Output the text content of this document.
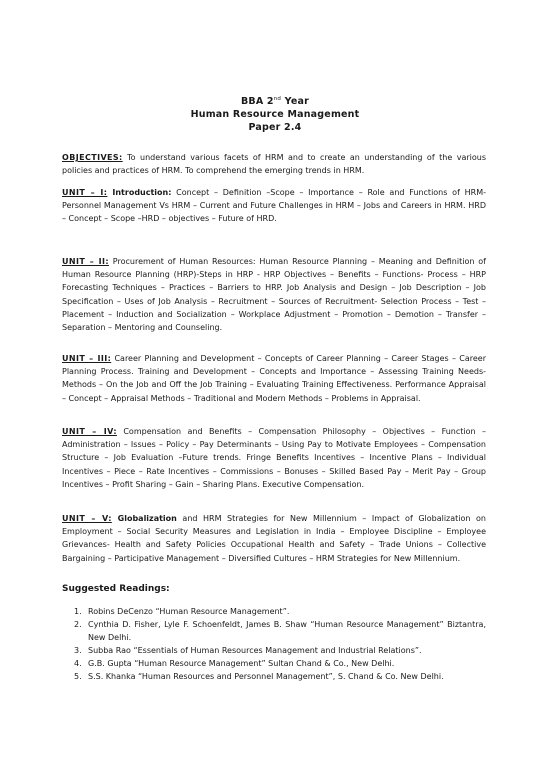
BBA 2nd Year
Human Resource Management
Paper 2.4

OBJECTIVES: To understand various facets of HRM and to create an understanding of the various policies and practices of HRM. To comprehend the emerging trends in HRM.

UNIT – I: Introduction: Concept – Definition –Scope – Importance – Role and Functions of HRM-Personnel Management Vs HRM – Current and Future Challenges in HRM – Jobs and Careers in HRM. HRD – Concept – Scope –HRD – objectives – Future of HRD.

UNIT – II: Procurement of Human Resources: Human Resource Planning – Meaning and Definition of Human Resource Planning (HRP)-Steps in HRP - HRP Objectives – Benefits – Functions- Process – HRP Forecasting Techniques – Practices – Barriers to HRP. Job Analysis and Design – Job Description – Job Specification – Uses of Job Analysis – Recruitment – Sources of Recruitment- Selection Process – Test – Placement – Induction and Socialization – Workplace Adjustment – Promotion – Demotion – Transfer – Separation – Mentoring and Counseling.

UNIT – III: Career Planning and Development – Concepts of Career Planning – Career Stages – Career Planning Process. Training and Development – Concepts and Importance – Assessing Training Needs- Methods – On the Job and Off the Job Training – Evaluating Training Effectiveness. Performance Appraisal – Concept – Appraisal Methods – Traditional and Modern Methods – Problems in Appraisal.

UNIT – IV: Compensation and Benefits – Compensation Philosophy – Objectives – Function – Administration – Issues – Policy – Pay Determinants – Using Pay to Motivate Employees – Compensation Structure – Job Evaluation –Future trends. Fringe Benefits Incentives – Incentive Plans – Individual Incentives – Piece – Rate Incentives – Commissions – Bonuses – Skilled Based Pay – Merit Pay – Group Incentives – Profit Sharing – Gain – Sharing Plans. Executive Compensation.

UNIT – V: Globalization and HRM Strategies for New Millennium – Impact of Globalization on Employment – Social Security Measures and Legislation in India – Employee Discipline – Employee Grievances- Health and Safety Policies Occupational Health and Safety – Trade Unions – Collective Bargaining – Participative Management – Diversified Cultures – HRM Strategies for New Millennium.

Suggested Readings:

1. Robins DeCenzo “Human Resource Management”.
2. Cynthia D. Fisher, Lyle F. Schoenfeldt, James B. Shaw “Human Resource Management” Biztantra, New Delhi.
3. Subba Rao “Essentials of Human Resources Management and Industrial Relations”.
4. G.B. Gupta “Human Resource Management” Sultan Chand & Co., New Delhi.
5. S.S. Khanka “Human Resources and Personnel Management”, S. Chand & Co. New Delhi.
